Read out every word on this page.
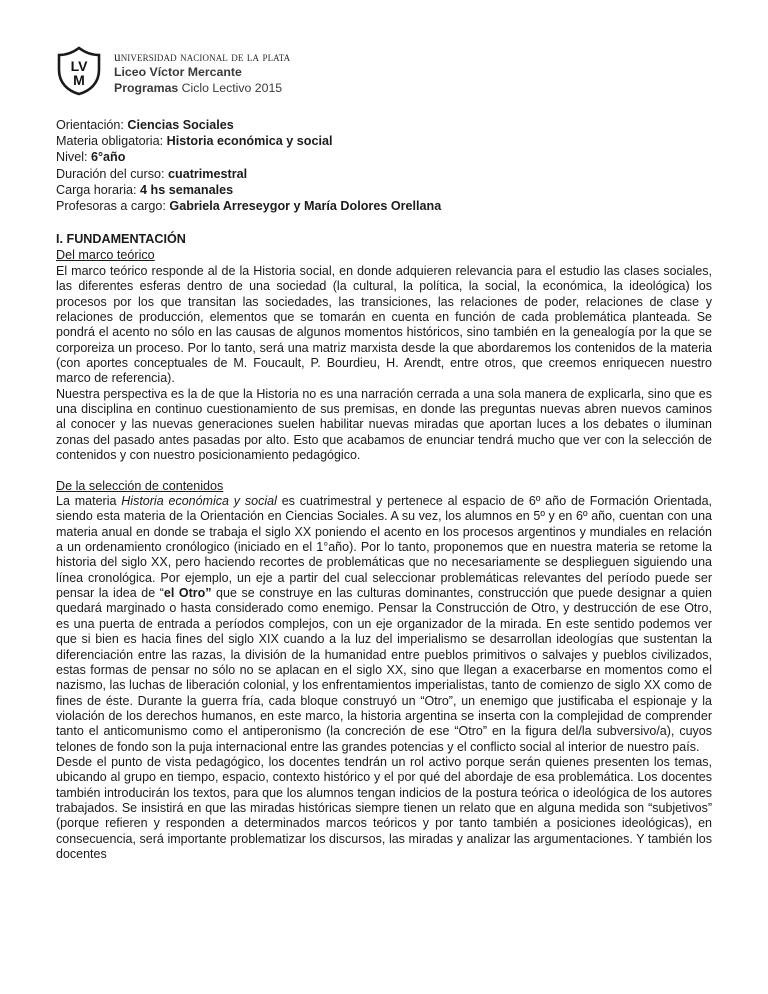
LV
M
universidad nacional de la plata
Liceo Víctor Mercante
Programas Ciclo Lectivo 2015
Orientación: Ciencias Sociales
Materia obligatoria: Historia económica y social
Nivel: 6°año
Duración del curso: cuatrimestral
Carga horaria: 4 hs semanales
Profesoras a cargo: Gabriela Arreseygor y María Dolores Orellana
I. FUNDAMENTACIÓN
Del marco teórico

El marco teórico responde al de la Historia social, en donde adquieren relevancia para el estudio las clases sociales, las diferentes esferas dentro de una sociedad (la cultural, la política, la social, la económica, la ideológica) los procesos por los que transitan las sociedades, las transiciones, las relaciones de poder, relaciones de clase y relaciones de producción, elementos que se tomarán en cuenta en función de cada problemática planteada. Se pondrá el acento no sólo en las causas de algunos momentos históricos, sino también en la genealogía por la que se corporeiza un proceso. Por lo tanto, será una matriz marxista desde la que abordaremos los contenidos de la materia (con aportes conceptuales de M. Foucault, P. Bourdieu, H. Arendt, entre otros, que creemos enriquecen nuestro marco de referencia).

Nuestra perspectiva es la de que la Historia no es una narración cerrada a una sola manera de explicarla, sino que es una disciplina en continuo cuestionamiento de sus premisas, en donde las preguntas nuevas abren nuevos caminos al conocer y las nuevas generaciones suelen habilitar nuevas miradas que aportan luces a los debates o iluminan zonas del pasado antes pasadas por alto. Esto que acabamos de enunciar tendrá mucho que ver con la selección de contenidos y con nuestro posicionamiento pedagógico.

De la selección de contenidos

La materia Historia económica y social es cuatrimestral y pertenece al espacio de 6º año de Formación Orientada, siendo esta materia de la Orientación en Ciencias Sociales. A su vez, los alumnos en 5º y en 6º año, cuentan con una materia anual en donde se trabaja el siglo XX poniendo el acento en los procesos argentinos y mundiales en relación a un ordenamiento cronólogico (iniciado en el 1°año). Por lo tanto, proponemos que en nuestra materia se retome la historia del siglo XX, pero haciendo recortes de problemáticas que no necesariamente se desplieguen siguiendo una línea cronológica. Por ejemplo, un eje a partir del cual seleccionar problemáticas relevantes del período puede ser pensar la idea de “el Otro” que se construye en las culturas dominantes, construcción que puede designar a quien quedará marginado o hasta considerado como enemigo. Pensar la Construcción de Otro, y destrucción de ese Otro, es una puerta de entrada a períodos complejos, con un eje organizador de la mirada. En este sentido podemos ver que si bien es hacia fines del siglo XIX cuando a la luz del imperialismo se desarrollan ideologías que sustentan la diferenciación entre las razas, la división de la humanidad entre pueblos primitivos o salvajes y pueblos civilizados, estas formas de pensar no sólo no se aplacan en el siglo XX, sino que llegan a exacerbarse en momentos como el nazismo, las luchas de liberación colonial, y los enfrentamientos imperialistas, tanto de comienzo de siglo XX como de fines de éste. Durante la guerra fría, cada bloque construyó un “Otro”, un enemigo que justificaba el espionaje y la violación de los derechos humanos, en este marco, la historia argentina se inserta con la complejidad de comprender tanto el anticomunismo como el antiperonismo (la concreción de ese “Otro” en la figura del/la subversivo/a), cuyos telones de fondo son la puja internacional entre las grandes potencias y el conflicto social al interior de nuestro país.

Desde el punto de vista pedagógico, los docentes tendrán un rol activo porque serán quienes presenten los temas, ubicando al grupo en tiempo, espacio, contexto histórico y el por qué del abordaje de esa problemática. Los docentes también introducirán los textos, para que los alumnos tengan indicios de la postura teórica o ideológica de los autores trabajados. Se insistirá en que las miradas históricas siempre tienen un relato que en alguna medida son “subjetivos” (porque refieren y responden a determinados marcos teóricos y por tanto también a posiciones ideológicas), en consecuencia, será importante problematizar los discursos, las miradas y analizar las argumentaciones. Y también los docentes
